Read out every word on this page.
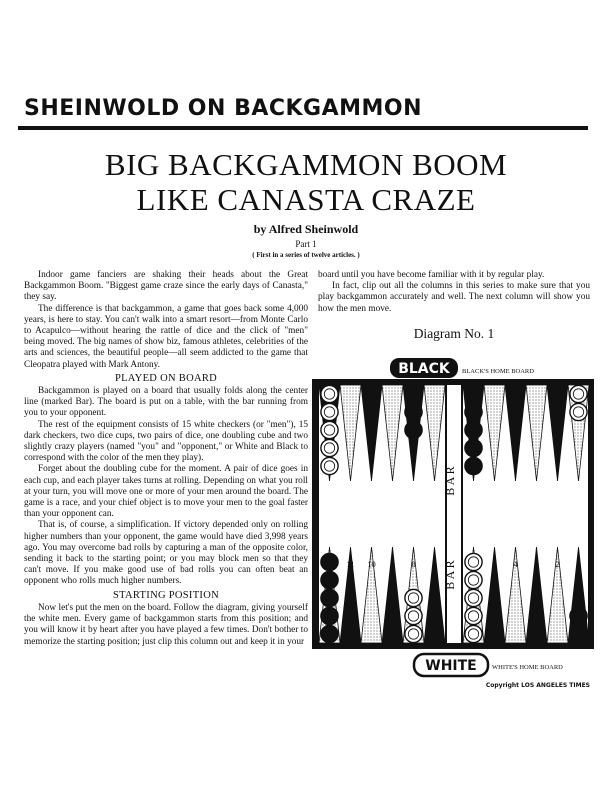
SHEINWOLD ON BACKGAMMON
BIG BACKGAMMON BOOM
LIKE CANASTA CRAZE
by Alfred Sheinwold
Part 1
( First in a series of twelve articles. )

Indoor game fanciers are shaking their heads about the Great Backgammon Boom. "Biggest game craze since the early days of Canasta," they say.

The difference is that backgammon, a game that goes back some 4,000 years, is here to stay. You can't walk into a smart resort—from Monte Carlo to Acapulco—without hearing the rattle of dice and the click of "men" being moved. The big names of show biz, famous athletes, celebrities of the arts and sciences, the beautiful people—all seem addicted to the game that Cleopatra played with Mark Antony.

PLAYED ON BOARD

Backgammon is played on a board that usually folds along the center line (marked Bar). The board is put on a table, with the bar running from you to your opponent.

The rest of the equipment consists of 15 white checkers (or "men"), 15 dark checkers, two dice cups, two pairs of dice, one doubling cube and two slightly crazy players (named "you" and "opponent," or White and Black to correspond with the color of the men they play).

Forget about the doubling cube for the moment. A pair of dice goes in each cup, and each player takes turns at rolling. Depending on what you roll at your turn, you will move one or more of your men around the board. The game is a race, and your chief object is to move your men to the goal faster than your opponent can.

That is, of course, a simplification. If victory depended only on rolling higher numbers than your opponent, the game would have died 3,998 years ago. You may overcome bad rolls by capturing a man of the opposite color, sending it back to the starting point; or you may block men so that they can't move. If you make good use of bad rolls you can often beat an opponent who rolls much higher numbers.

STARTING POSITION

Now let's put the men on the board. Follow the diagram, giving yourself the white men. Every game of backgammon starts from this position; and you will know it by heart after you have played a few times. Don't bother to memorize the starting position; just clip this column out and keep it in your

board until you have become familiar with it by regular play.

In fact, clip out all the columns in this series to make sure that you play backgammon accurately and well. The next column will show you how the men move.

Diagram No. 1
BLACK BLACK'S HOME BOARD
11 10 9 8 7	5 4 3 2 1
B A R
B A R
WHITE WHITE'S HOME BOARD
Copyright LOS ANGELES TIMES
